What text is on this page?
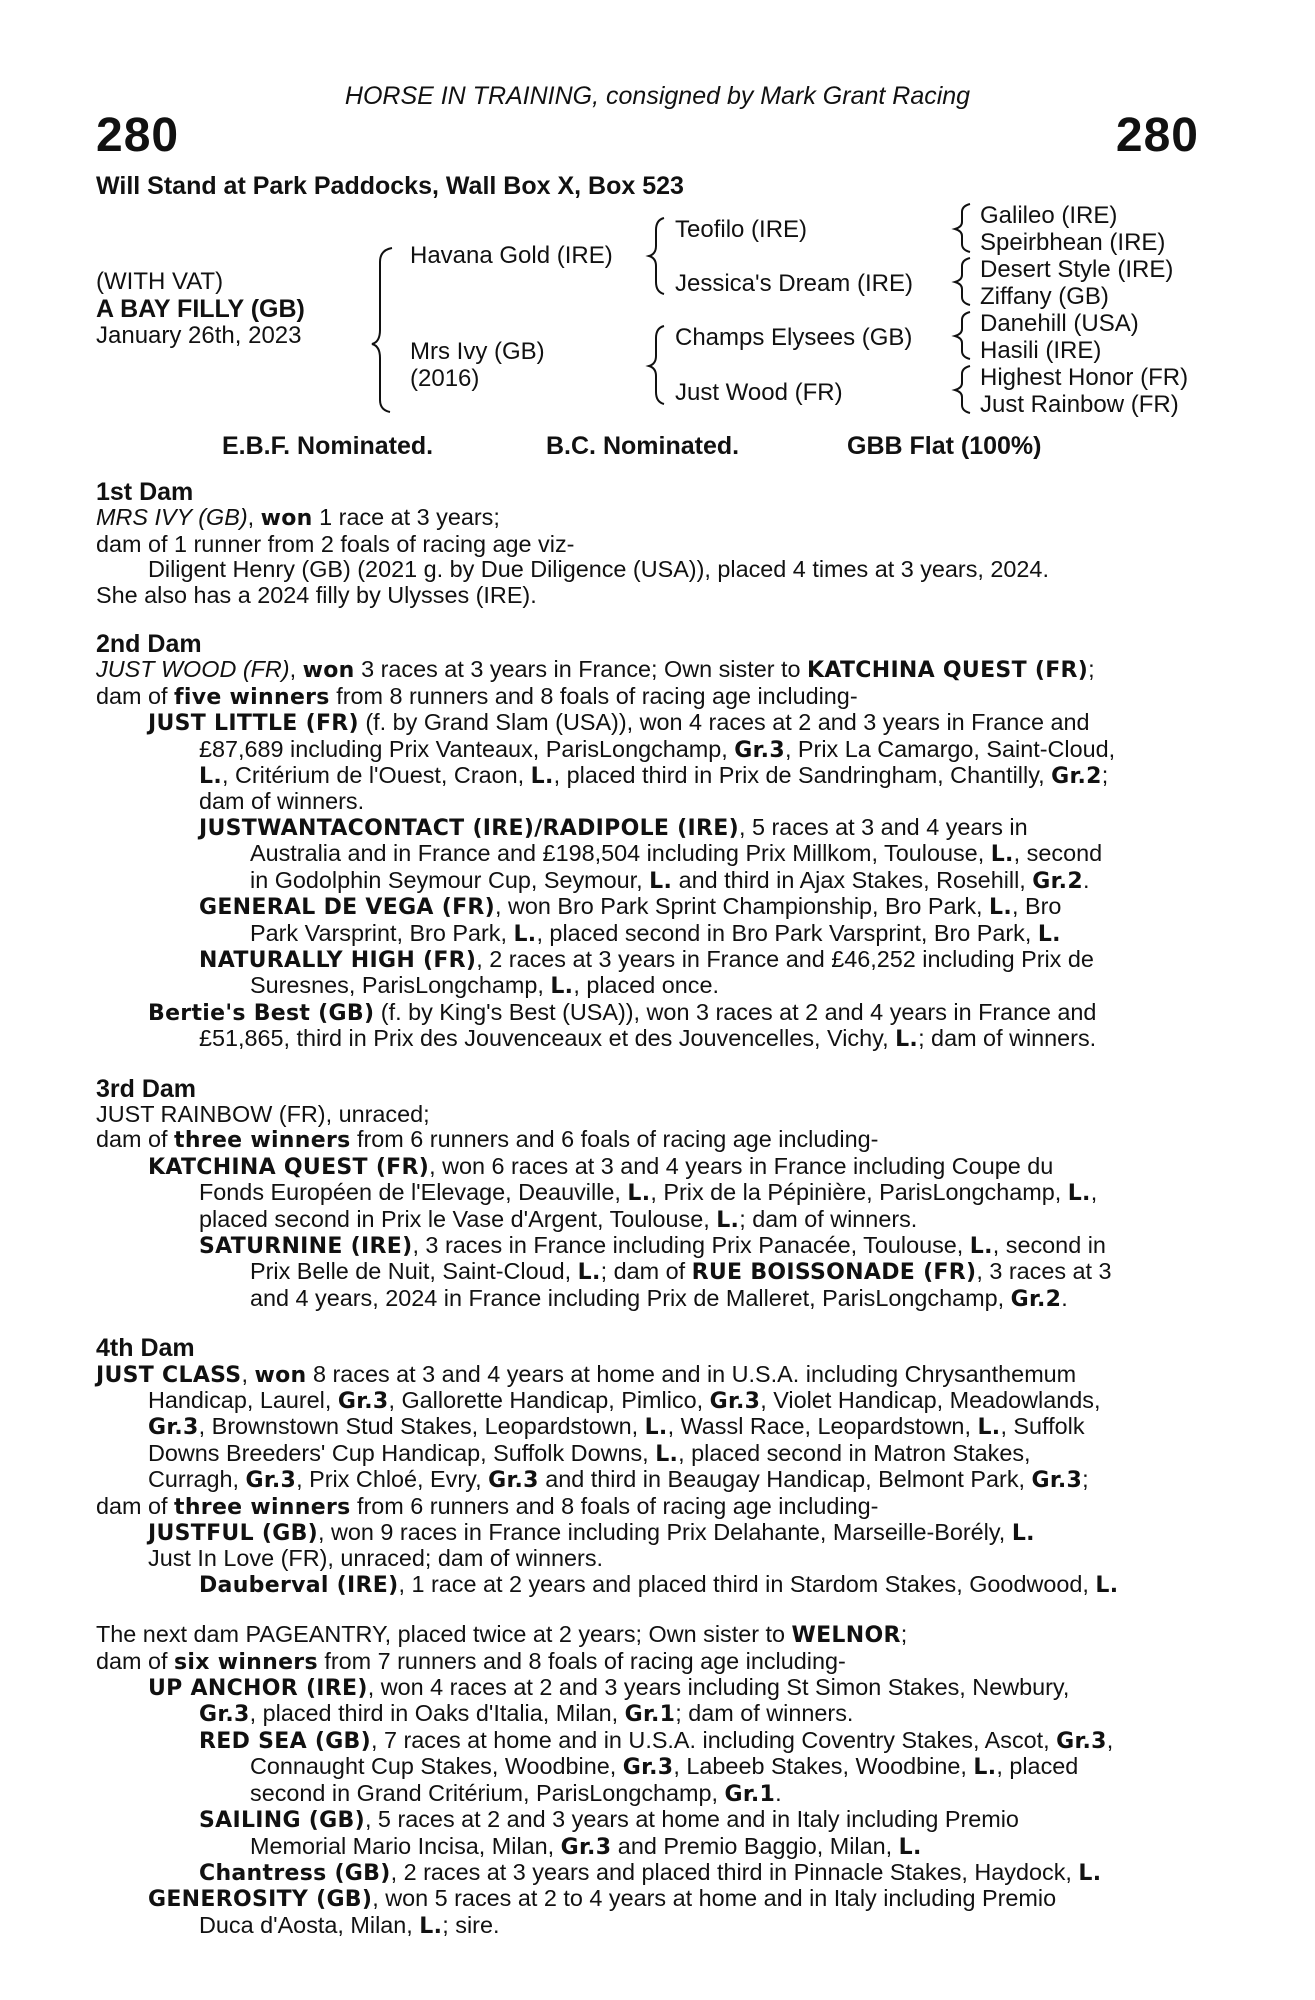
HORSE IN TRAINING, consigned by Mark Grant Racing
280	280
Will Stand at Park Paddocks, Wall Box X, Box 523
(WITH VAT)
A BAY FILLY (GB)
January 26th, 2023
Havana Gold (IRE)
Mrs Ivy (GB)
(2016)
Teofilo (IRE)
Jessica's Dream (IRE)
Champs Elysees (GB)
Just Wood (FR)
Galileo (IRE)
Speirbhean (IRE)
Desert Style (IRE)
Ziffany (GB)
Danehill (USA)
Hasili (IRE)
Highest Honor (FR)
Just Rainbow (FR)
E.B.F. Nominated.	B.C. Nominated.	GBB Flat (100%)
1st Dam
MRS IVY (GB), won 1 race at 3 years;
dam of 1 runner from 2 foals of racing age viz-
Diligent Henry (GB) (2021 g. by Due Diligence (USA)), placed 4 times at 3 years, 2024.
She also has a 2024 filly by Ulysses (IRE).
2nd Dam
JUST WOOD (FR), won 3 races at 3 years in France; Own sister to KATCHINA QUEST (FR);
dam of five winners from 8 runners and 8 foals of racing age including-
JUST LITTLE (FR) (f. by Grand Slam (USA)), won 4 races at 2 and 3 years in France and
£87,689 including Prix Vanteaux, ParisLongchamp, Gr.3, Prix La Camargo, Saint-Cloud,
L., Critérium de l'Ouest, Craon, L., placed third in Prix de Sandringham, Chantilly, Gr.2;
dam of winners.
JUSTWANTACONTACT (IRE)/RADIPOLE (IRE), 5 races at 3 and 4 years in
Australia and in France and £198,504 including Prix Millkom, Toulouse, L., second
in Godolphin Seymour Cup, Seymour, L. and third in Ajax Stakes, Rosehill, Gr.2.
GENERAL DE VEGA (FR), won Bro Park Sprint Championship, Bro Park, L., Bro
Park Varsprint, Bro Park, L., placed second in Bro Park Varsprint, Bro Park, L.
NATURALLY HIGH (FR), 2 races at 3 years in France and £46,252 including Prix de
Suresnes, ParisLongchamp, L., placed once.
Bertie's Best (GB) (f. by King's Best (USA)), won 3 races at 2 and 4 years in France and
£51,865, third in Prix des Jouvenceaux et des Jouvencelles, Vichy, L.; dam of winners.
3rd Dam
JUST RAINBOW (FR), unraced;
dam of three winners from 6 runners and 6 foals of racing age including-
KATCHINA QUEST (FR), won 6 races at 3 and 4 years in France including Coupe du
Fonds Européen de l'Elevage, Deauville, L., Prix de la Pépinière, ParisLongchamp, L.,
placed second in Prix le Vase d'Argent, Toulouse, L.; dam of winners.
SATURNINE (IRE), 3 races in France including Prix Panacée, Toulouse, L., second in
Prix Belle de Nuit, Saint-Cloud, L.; dam of RUE BOISSONADE (FR), 3 races at 3
and 4 years, 2024 in France including Prix de Malleret, ParisLongchamp, Gr.2.
4th Dam
JUST CLASS, won 8 races at 3 and 4 years at home and in U.S.A. including Chrysanthemum
Handicap, Laurel, Gr.3, Gallorette Handicap, Pimlico, Gr.3, Violet Handicap, Meadowlands,
Gr.3, Brownstown Stud Stakes, Leopardstown, L., Wassl Race, Leopardstown, L., Suffolk
Downs Breeders' Cup Handicap, Suffolk Downs, L., placed second in Matron Stakes,
Curragh, Gr.3, Prix Chloé, Evry, Gr.3 and third in Beaugay Handicap, Belmont Park, Gr.3;
dam of three winners from 6 runners and 8 foals of racing age including-
JUSTFUL (GB), won 9 races in France including Prix Delahante, Marseille-Borély, L.
Just In Love (FR), unraced; dam of winners.
Dauberval (IRE), 1 race at 2 years and placed third in Stardom Stakes, Goodwood, L.
The next dam PAGEANTRY, placed twice at 2 years; Own sister to WELNOR;
dam of six winners from 7 runners and 8 foals of racing age including-
UP ANCHOR (IRE), won 4 races at 2 and 3 years including St Simon Stakes, Newbury,
Gr.3, placed third in Oaks d'Italia, Milan, Gr.1; dam of winners.
RED SEA (GB), 7 races at home and in U.S.A. including Coventry Stakes, Ascot, Gr.3,
Connaught Cup Stakes, Woodbine, Gr.3, Labeeb Stakes, Woodbine, L., placed
second in Grand Critérium, ParisLongchamp, Gr.1.
SAILING (GB), 5 races at 2 and 3 years at home and in Italy including Premio
Memorial Mario Incisa, Milan, Gr.3 and Premio Baggio, Milan, L.
Chantress (GB), 2 races at 3 years and placed third in Pinnacle Stakes, Haydock, L.
GENEROSITY (GB), won 5 races at 2 to 4 years at home and in Italy including Premio
Duca d'Aosta, Milan, L.; sire.
